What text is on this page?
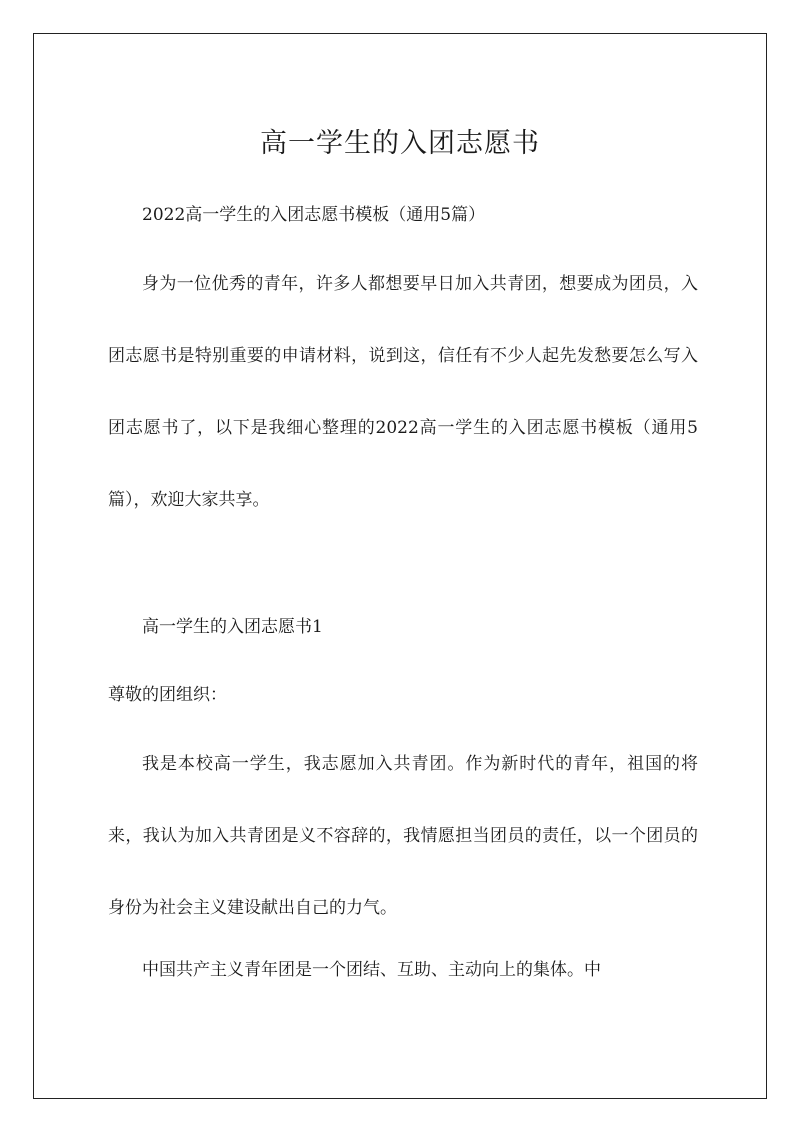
高一学生的入团志愿书

2022高一学生的入团志愿书模板（通用5篇）

身为一位优秀的青年，许多人都想要早日加入共青团，想要成为团员，入团志愿书是特别重要的申请材料，说到这，信任有不少人起先发愁要怎么写入团志愿书了，以下是我细心整理的2022高一学生的入团志愿书模板（通用5篇），欢迎大家共享。

高一学生的入团志愿书1

尊敬的团组织：

我是本校高一学生，我志愿加入共青团。作为新时代的青年，祖国的将来，我认为加入共青团是义不容辞的，我情愿担当团员的责任，以一个团员的身份为社会主义建设献出自己的力气。

中国共产主义青年团是一个团结、互助、主动向上的集体。中
